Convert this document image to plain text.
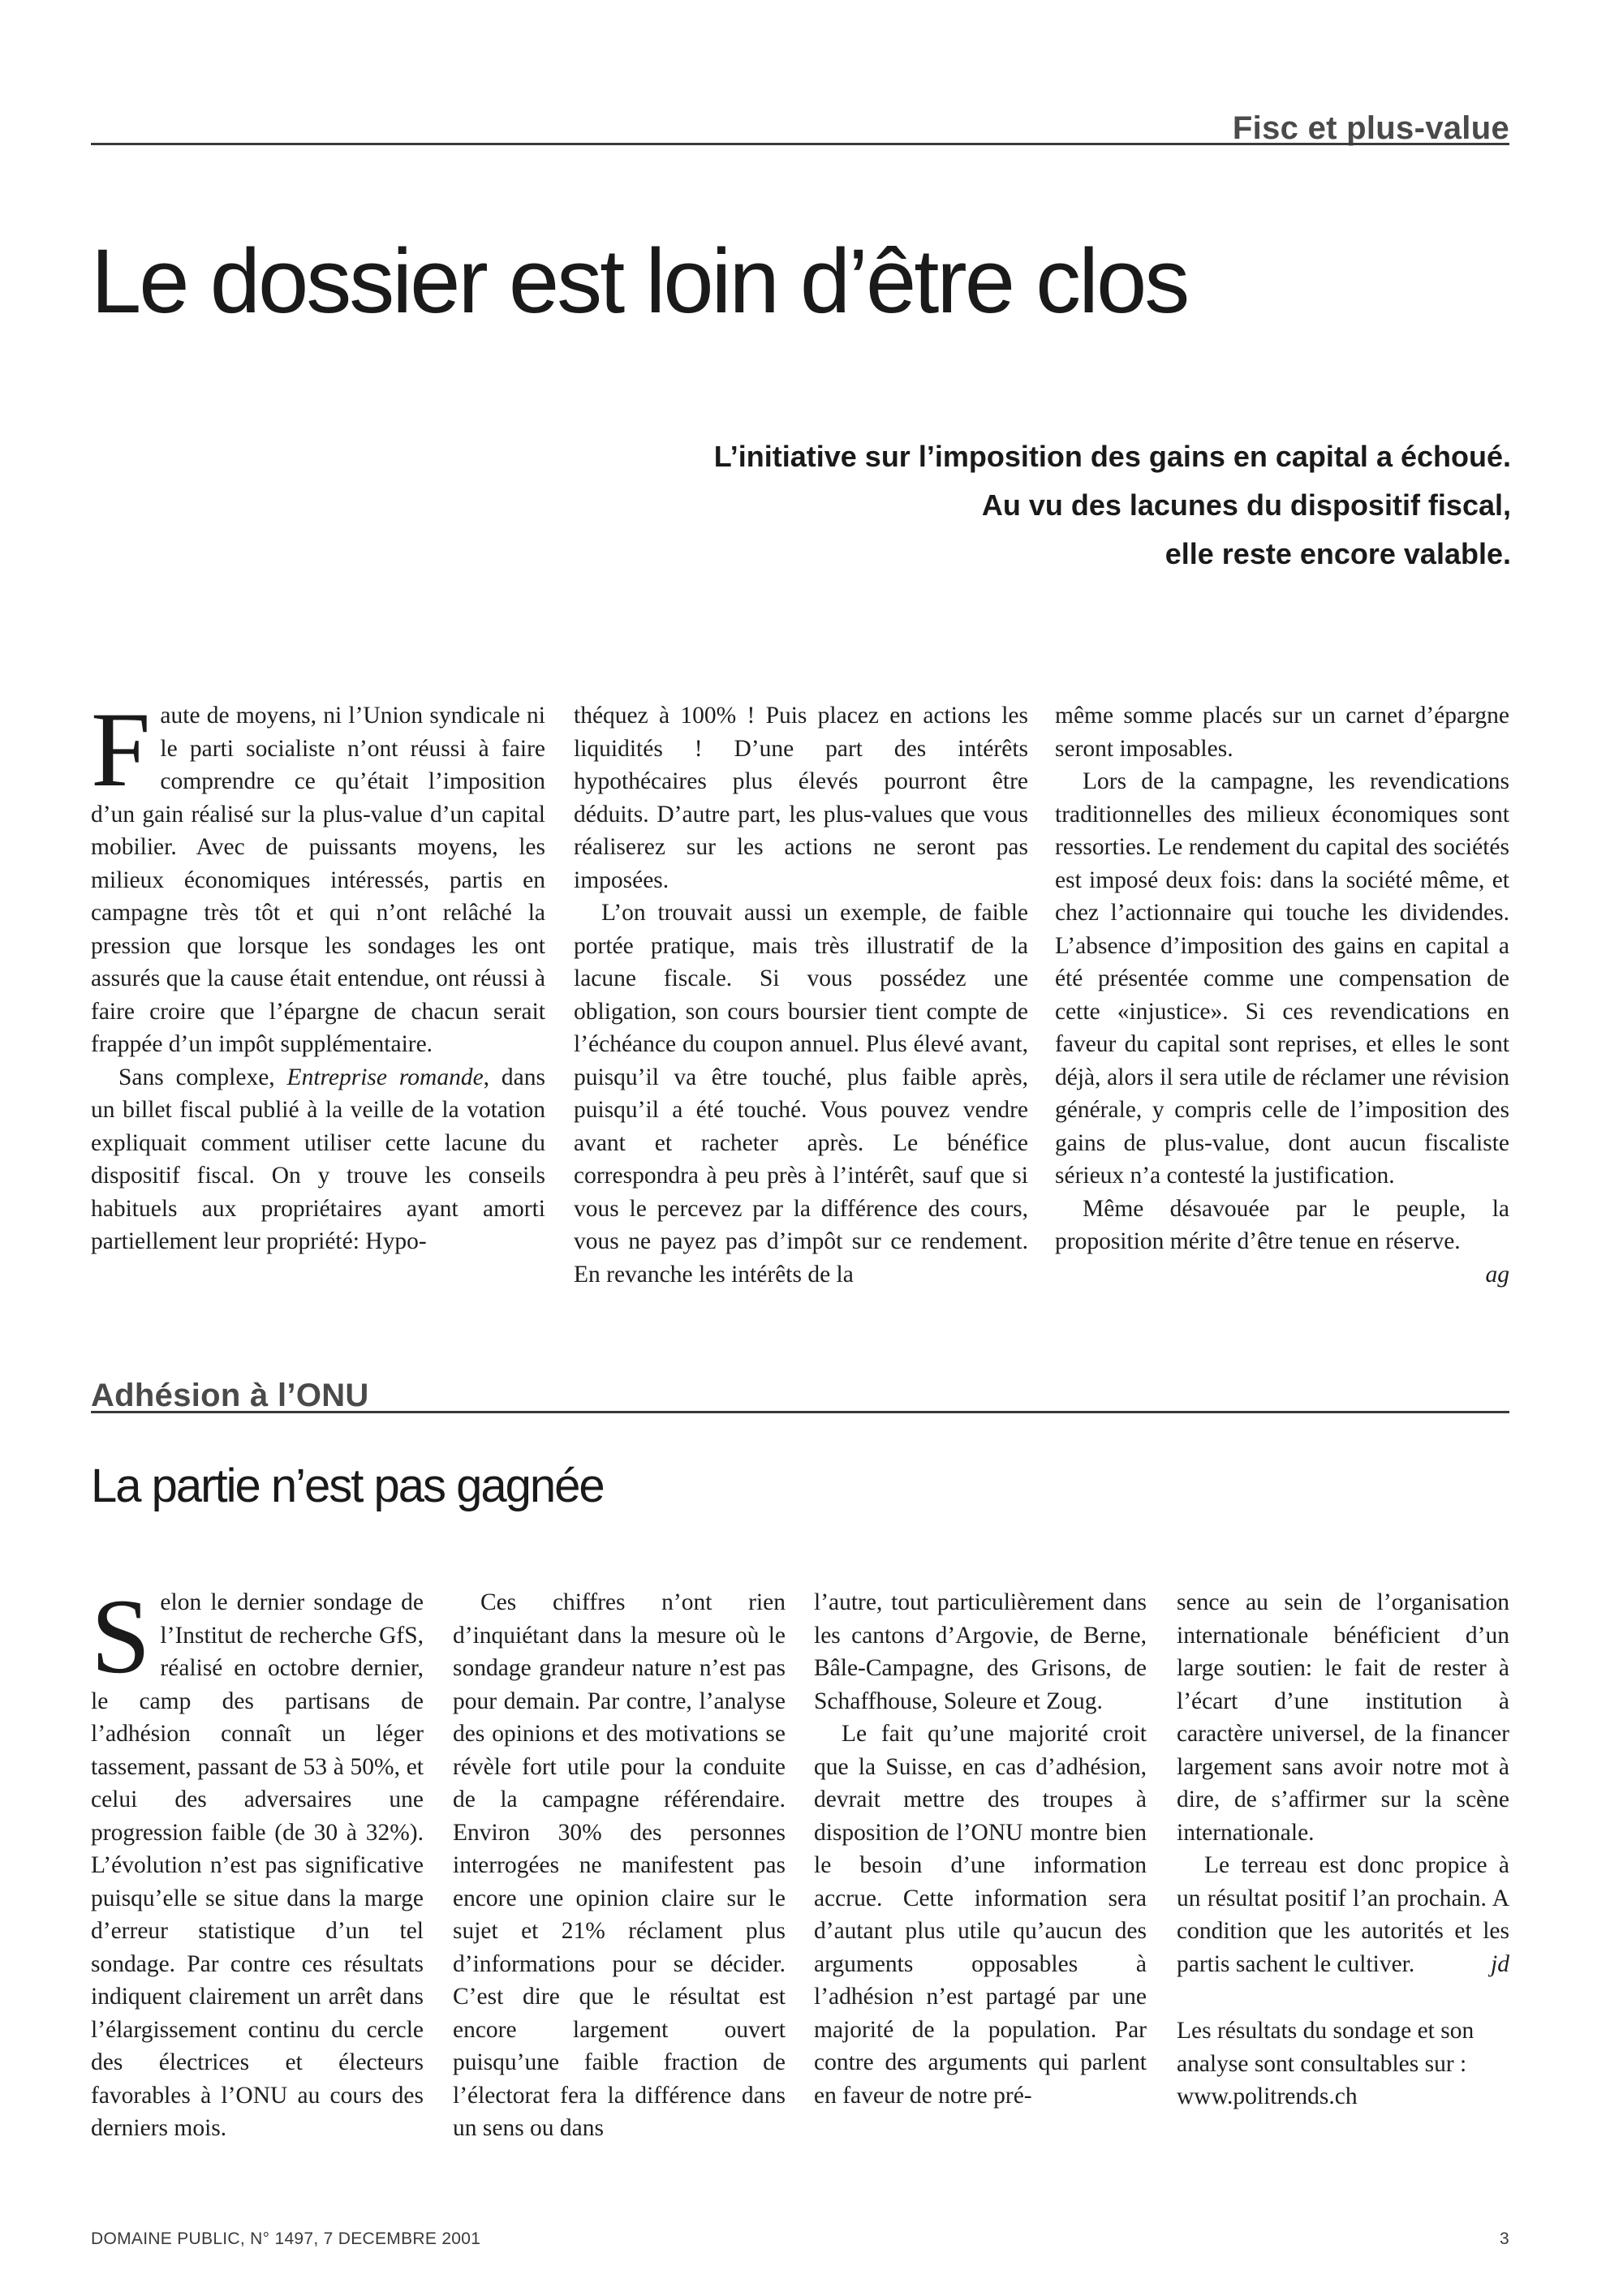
Fisc et plus-value
Le dossier est loin d’être clos
L’initiative sur l’imposition des gains en capital a échoué.
Au vu des lacunes du dispositif fiscal,
elle reste encore valable.

Faute de moyens, ni l’Union syndicale ni le parti socialiste n’ont réussi à faire comprendre ce qu’était l’imposition d’un gain réalisé sur la plus-value d’un capital mobilier. Avec de puissants moyens, les milieux économiques intéressés, partis en campagne très tôt et qui n’ont relâché la pression que lorsque les sondages les ont assurés que la cause était entendue, ont réussi à faire croire que l’épargne de chacun serait frappée d’un impôt supplémentaire.

Sans complexe, Entreprise romande, dans un billet fiscal publié à la veille de la votation expliquait comment utiliser cette lacune du dispositif fiscal. On y trouve les conseils habituels aux propriétaires ayant amorti partiellement leur propriété: Hypo-

théquez à 100% ! Puis placez en actions les liquidités ! D’une part des intérêts hypothécaires plus élevés pourront être déduits. D’autre part, les plus-values que vous réaliserez sur les actions ne seront pas imposées.

L’on trouvait aussi un exemple, de faible portée pratique, mais très illustratif de la lacune fiscale. Si vous possédez une obligation, son cours boursier tient compte de l’échéance du coupon annuel. Plus élevé avant, puisqu’il va être touché, plus faible après, puisqu’il a été touché. Vous pouvez vendre avant et racheter après. Le bénéfice correspondra à peu près à l’intérêt, sauf que si vous le percevez par la différence des cours, vous ne payez pas d’impôt sur ce rendement. En revanche les intérêts de la

même somme placés sur un carnet d’épargne seront imposables.

Lors de la campagne, les revendications traditionnelles des milieux économiques sont ressorties. Le rendement du capital des sociétés est imposé deux fois: dans la société même, et chez l’actionnaire qui touche les dividendes. L’absence d’imposition des gains en capital a été présentée comme une compensation de cette «injustice». Si ces revendications en faveur du capital sont reprises, et elles le sont déjà, alors il sera utile de réclamer une révision générale, y compris celle de l’imposition des gains de plus-value, dont aucun fiscaliste sérieux n’a contesté la justification.

Même désavouée par le peuple, la proposition mérite d’être tenue en réserve.
ag

Adhésion à l’ONU
La partie n’est pas gagnée

Selon le dernier sondage de l’Institut de recherche GfS, réalisé en octobre dernier, le camp des partisans de l’adhésion connaît un léger tassement, passant de 53 à 50%, et celui des adversaires une progression faible (de 30 à 32%). L’évolution n’est pas significative puisqu’elle se situe dans la marge d’erreur statistique d’un tel sondage. Par contre ces résultats indiquent clairement un arrêt dans l’élargissement continu du cercle des électrices et électeurs favorables à l’ONU au cours des derniers mois.

Ces chiffres n’ont rien d’inquiétant dans la mesure où le sondage grandeur nature n’est pas pour demain. Par contre, l’analyse des opinions et des motivations se révèle fort utile pour la conduite de la campagne référendaire. Environ 30% des personnes interrogées ne manifestent pas encore une opinion claire sur le sujet et 21% réclament plus d’informations pour se décider. C’est dire que le résultat est encore largement ouvert puisqu’une faible fraction de l’électorat fera la différence dans un sens ou dans

l’autre, tout particulièrement dans les cantons d’Argovie, de Berne, Bâle-Campagne, des Grisons, de Schaffhouse, Soleure et Zoug.

Le fait qu’une majorité croit que la Suisse, en cas d’adhésion, devrait mettre des troupes à disposition de l’ONU montre bien le besoin d’une information accrue. Cette information sera d’autant plus utile qu’aucun des arguments opposables à l’adhésion n’est partagé par une majorité de la population. Par contre des arguments qui parlent en faveur de notre pré-

sence au sein de l’organisation internationale bénéficient d’un large soutien: le fait de rester à l’écart d’une institution à caractère universel, de la financer largement sans avoir notre mot à dire, de s’affirmer sur la scène internationale.

Le terreau est donc propice à un résultat positif l’an prochain. A condition que les autorités et les partis sachent le cultiver.	jd

Les résultats du sondage et son analyse sont consultables sur : www.politrends.ch

DOMAINE PUBLIC, N° 1497, 7 DECEMBRE 2001	3
